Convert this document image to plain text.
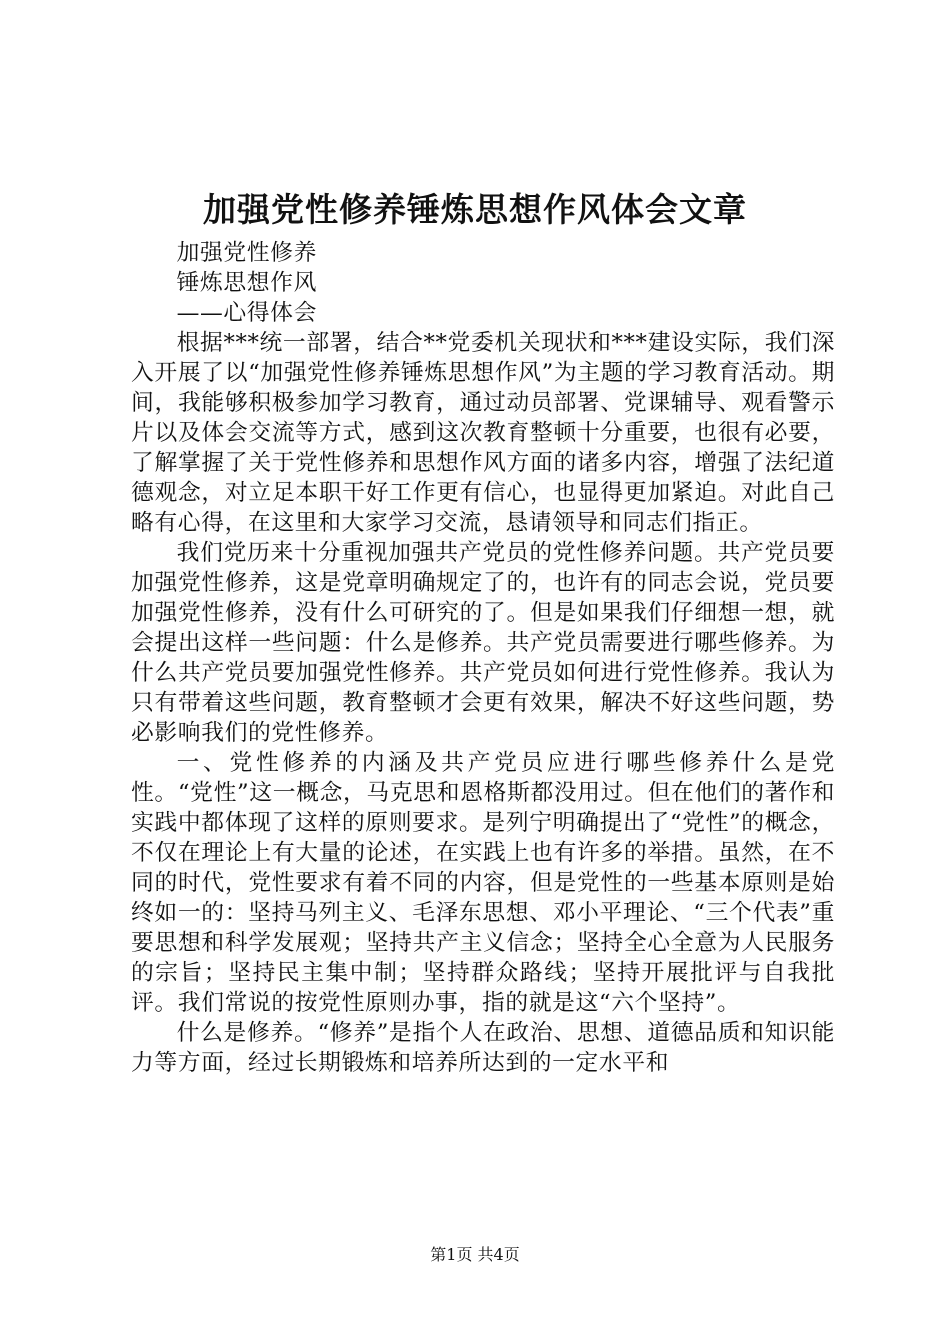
加强党性修养锤炼思想作风体会文章

加强党性修养

锤炼思想作风

——心得体会

根据***统一部署，结合**党委机关现状和***建设实际，我们深入开展了以“加强党性修养锤炼思想作风”为主题的学习教育活动。期间，我能够积极参加学习教育，通过动员部署、党课辅导、观看警示片以及体会交流等方式，感到这次教育整顿十分重要，也很有必要，了解掌握了关于党性修养和思想作风方面的诸多内容，增强了法纪道德观念，对立足本职干好工作更有信心，也显得更加紧迫。对此自己略有心得，在这里和大家学习交流，恳请领导和同志们指正。

我们党历来十分重视加强共产党员的党性修养问题。共产党员要加强党性修养，这是党章明确规定了的，也许有的同志会说，党员要加强党性修养，没有什么可研究的了。但是如果我们仔细想一想，就会提出这样一些问题：什么是修养。共产党员需要进行哪些修养。为什么共产党员要加强党性修养。共产党员如何进行党性修养。我认为只有带着这些问题，教育整顿才会更有效果，解决不好这些问题，势必影响我们的党性修养。

一、党性修养的内涵及共产党员应进行哪些修养什么是党性。“党性”这一概念，马克思和恩格斯都没用过。但在他们的著作和实践中都体现了这样的原则要求。是列宁明确提出了“党性”的概念，不仅在理论上有大量的论述，在实践上也有许多的举措。虽然，在不同的时代，党性要求有着不同的内容，但是党性的一些基本原则是始终如一的：坚持马列主义、毛泽东思想、邓小平理论、“三个代表”重要思想和科学发展观；坚持共产主义信念；坚持全心全意为人民服务的宗旨；坚持民主集中制；坚持群众路线；坚持开展批评与自我批评。我们常说的按党性原则办事，指的就是这“六个坚持”。

什么是修养。“修养”是指个人在政治、思想、道德品质和知识能力等方面，经过长期锻炼和培养所达到的一定水平和

第1页 共4页
